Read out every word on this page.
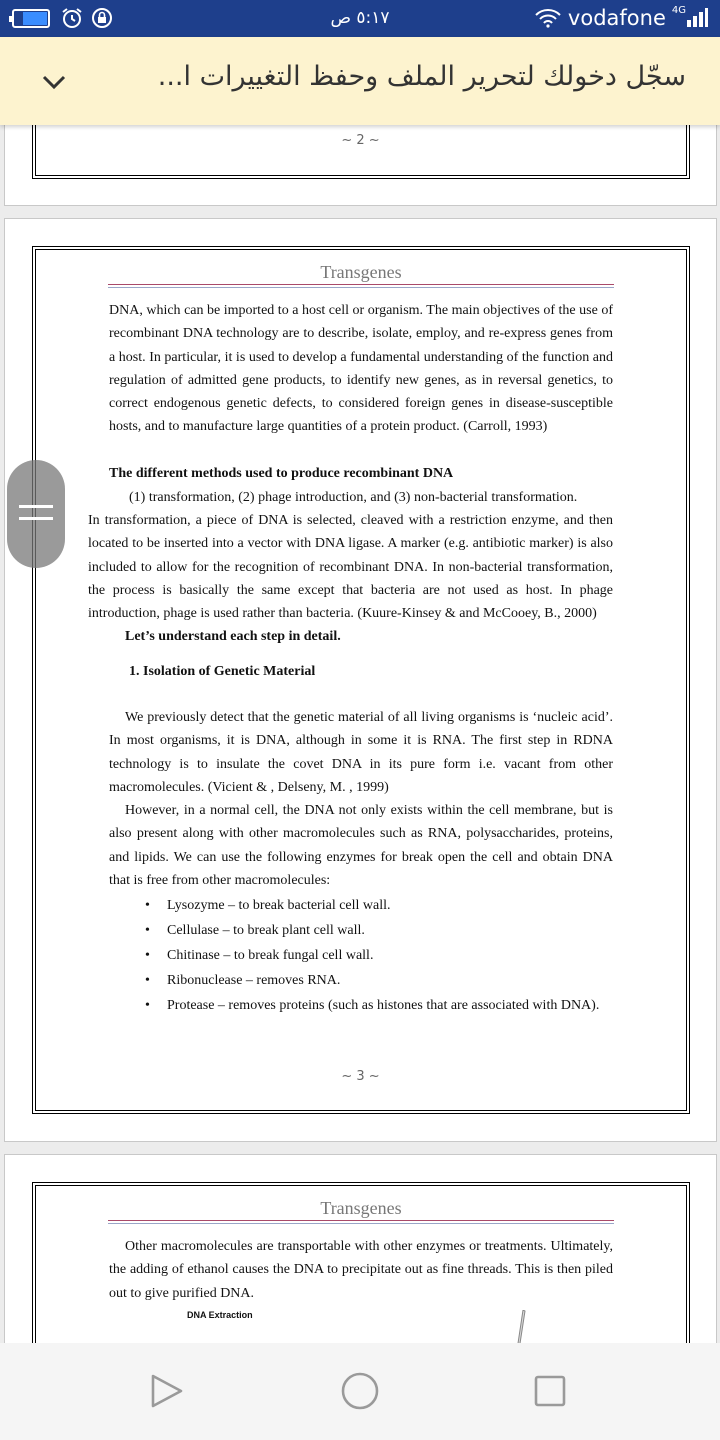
٥:١٧ ص	vodafone 4G
سجّل دخولك لتحرير الملف وحفظ التغييرات ا...
~ 2 ~
Transgenes
DNA, which can be imported to a host cell or organism. The main objectives of the use of recombinant DNA technology are to describe, isolate, employ, and re-express genes from a host. In particular, it is used to develop a fundamental understanding of the function and regulation of admitted gene products, to identify new genes, as in reversal genetics, to correct endogenous genetic defects, to considered foreign genes in disease-susceptible hosts, and to manufacture large quantities of a protein product. (Carroll, 1993)
The different methods used to produce recombinant DNA
(1) transformation, (2) phage introduction, and (3) non-bacterial transformation.
In transformation, a piece of DNA is selected, cleaved with a restriction enzyme, and then located to be inserted into a vector with DNA ligase. A marker (e.g. antibiotic marker) is also included to allow for the recognition of recombinant DNA. In non-bacterial transformation, the process is basically the same except that bacteria are not used as host. In phage introduction, phage is used rather than bacteria. (Kuure-Kinsey & and McCooey, B., 2000)
Let’s understand each step in detail.
1. Isolation of Genetic Material
We previously detect that the genetic material of all living organisms is ‘nucleic acid’. In most organisms, it is DNA, although in some it is RNA. The first step in RDNA technology is to insulate the covet DNA in its pure form i.e. vacant from other macromolecules. (Vicient & , Delseny, M. , 1999)
However, in a normal cell, the DNA not only exists within the cell membrane, but is also present along with other macromolecules such as RNA, polysaccharides, proteins, and lipids. We can use the following enzymes for break open the cell and obtain DNA that is free from other macromolecules:
• Lysozyme – to break bacterial cell wall.
• Cellulase – to break plant cell wall.
• Chitinase – to break fungal cell wall.
• Ribonuclease – removes RNA.
• Protease – removes proteins (such as histones that are associated with DNA).
~ 3 ~
Transgenes
Other macromolecules are transportable with other enzymes or treatments. Ultimately, the adding of ethanol causes the DNA to precipitate out as fine threads. This is then piled out to give purified DNA.
DNA Extraction
